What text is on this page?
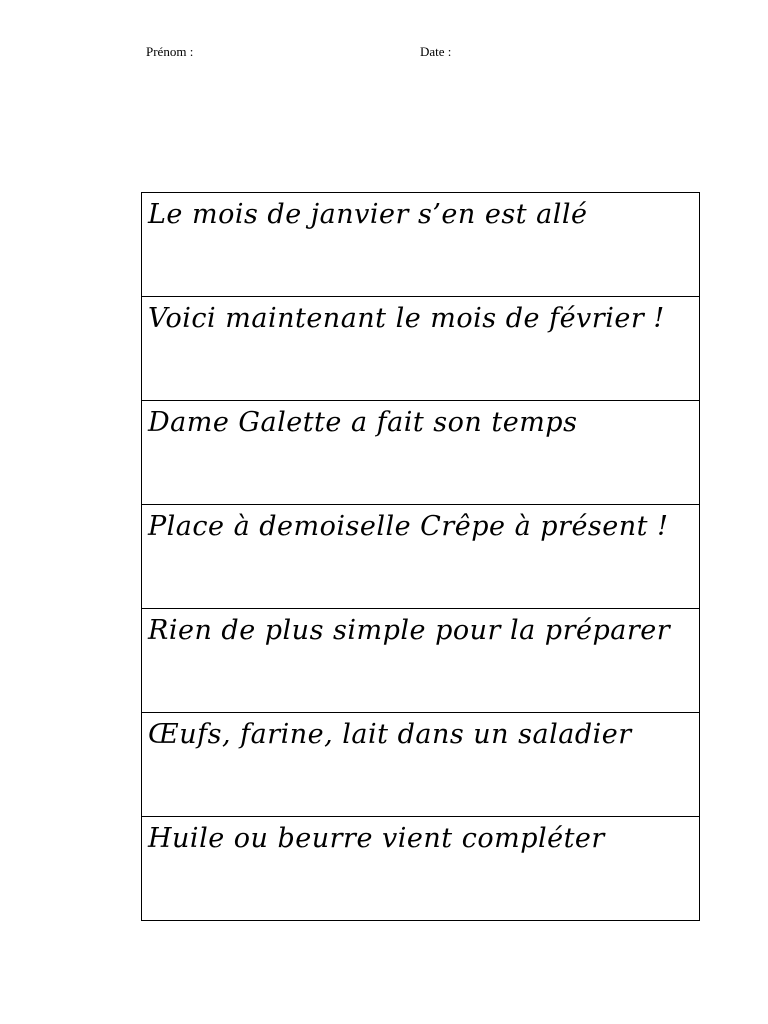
Prénom :	Date :
Le mois de janvier s’en est allé

Voici maintenant le mois de février !

Dame Galette a fait son temps

Place à demoiselle Crêpe à présent !

Rien de plus simple pour la préparer

Œufs, farine, lait dans un saladier

Huile ou beurre vient compléter
